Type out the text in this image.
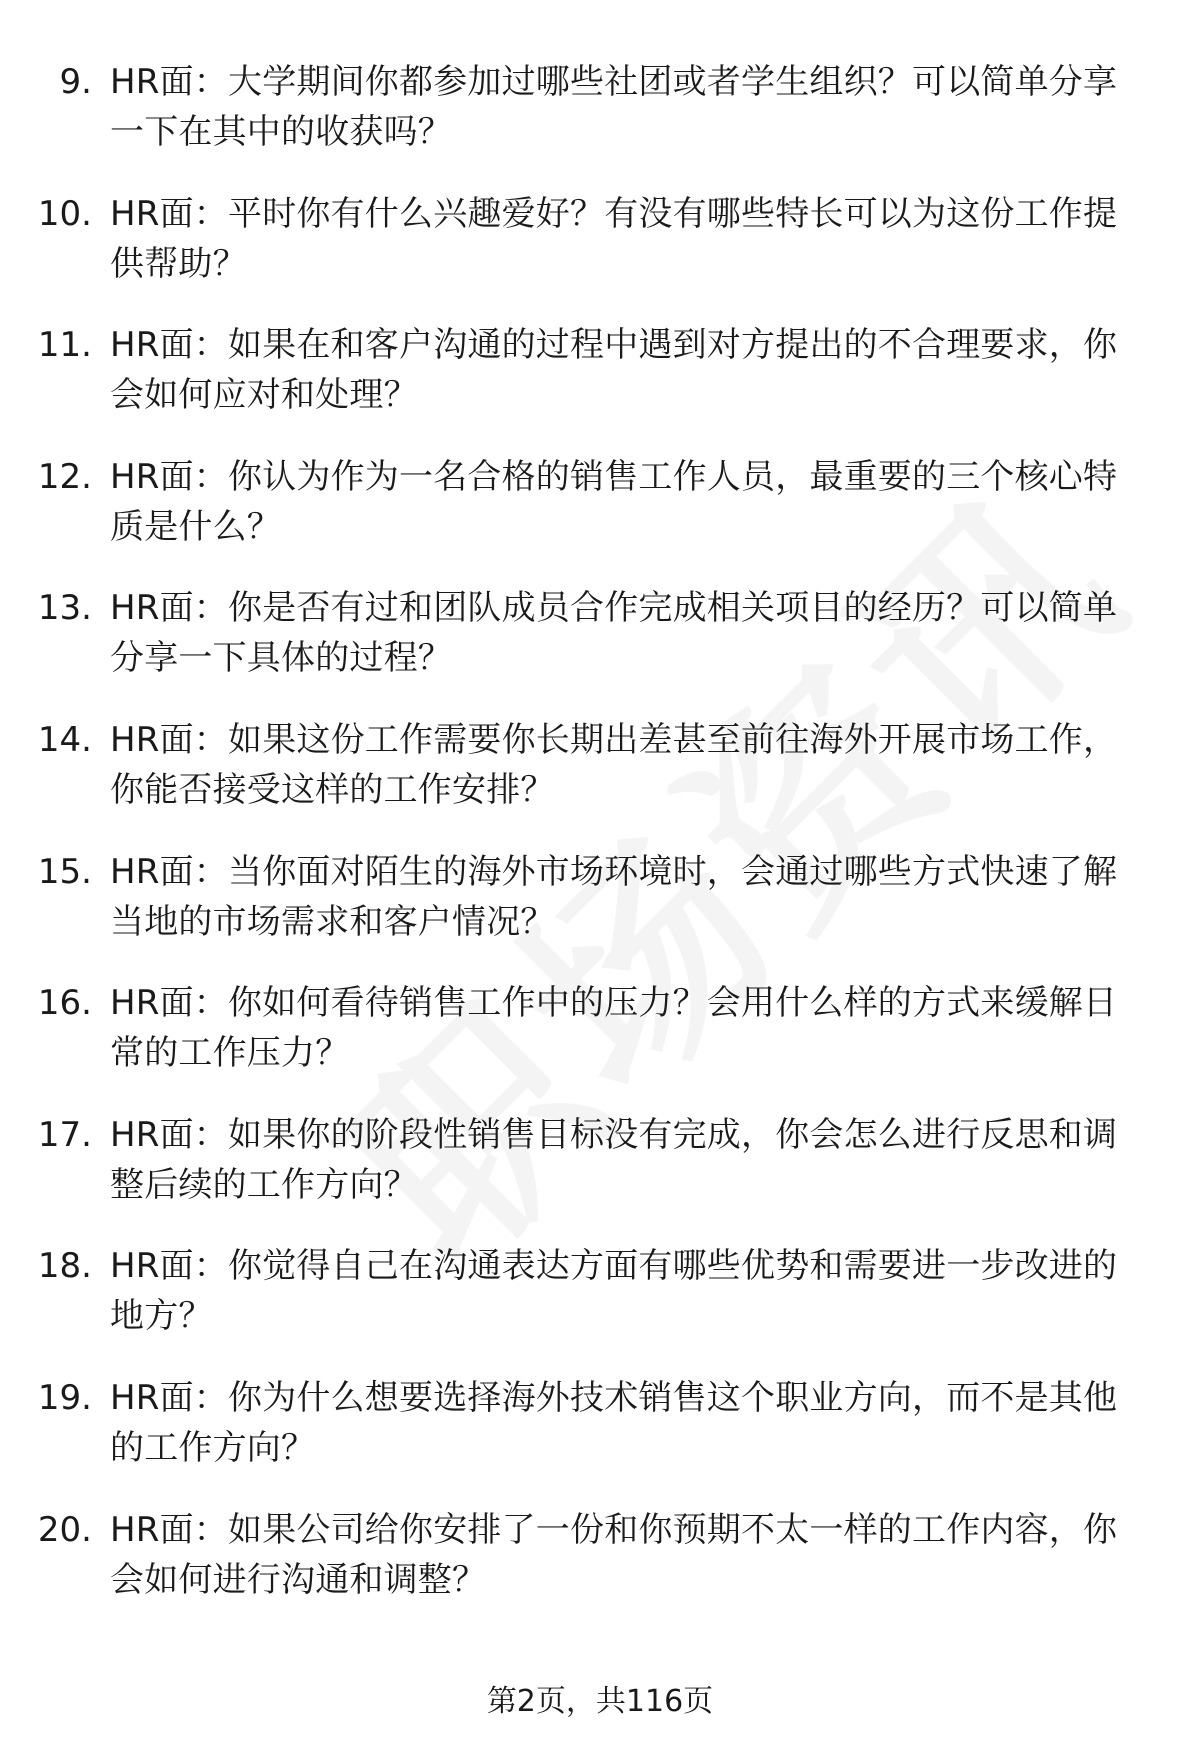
9. HR面：大学期间你都参加过哪些社团或者学生组织？可以简单分享一下在其中的收获吗？
10. HR面：平时你有什么兴趣爱好？有没有哪些特长可以为这份工作提供帮助？
11. HR面：如果在和客户沟通的过程中遇到对方提出的不合理要求，你会如何应对和处理？
12. HR面：你认为作为一名合格的销售工作人员，最重要的三个核心特质是什么？
13. HR面：你是否有过和团队成员合作完成相关项目的经历？可以简单分享一下具体的过程？
14. HR面：如果这份工作需要你长期出差甚至前往海外开展市场工作，你能否接受这样的工作安排？
15. HR面：当你面对陌生的海外市场环境时，会通过哪些方式快速了解当地的市场需求和客户情况？
16. HR面：你如何看待销售工作中的压力？会用什么样的方式来缓解日常的工作压力？
17. HR面：如果你的阶段性销售目标没有完成，你会怎么进行反思和调整后续的工作方向？
18. HR面：你觉得自己在沟通表达方面有哪些优势和需要进一步改进的地方？
19. HR面：你为什么想要选择海外技术销售这个职业方向，而不是其他的工作方向？
20. HR面：如果公司给你安排了一份和你预期不太一样的工作内容，你会如何进行沟通和调整？
第2页，共116页
